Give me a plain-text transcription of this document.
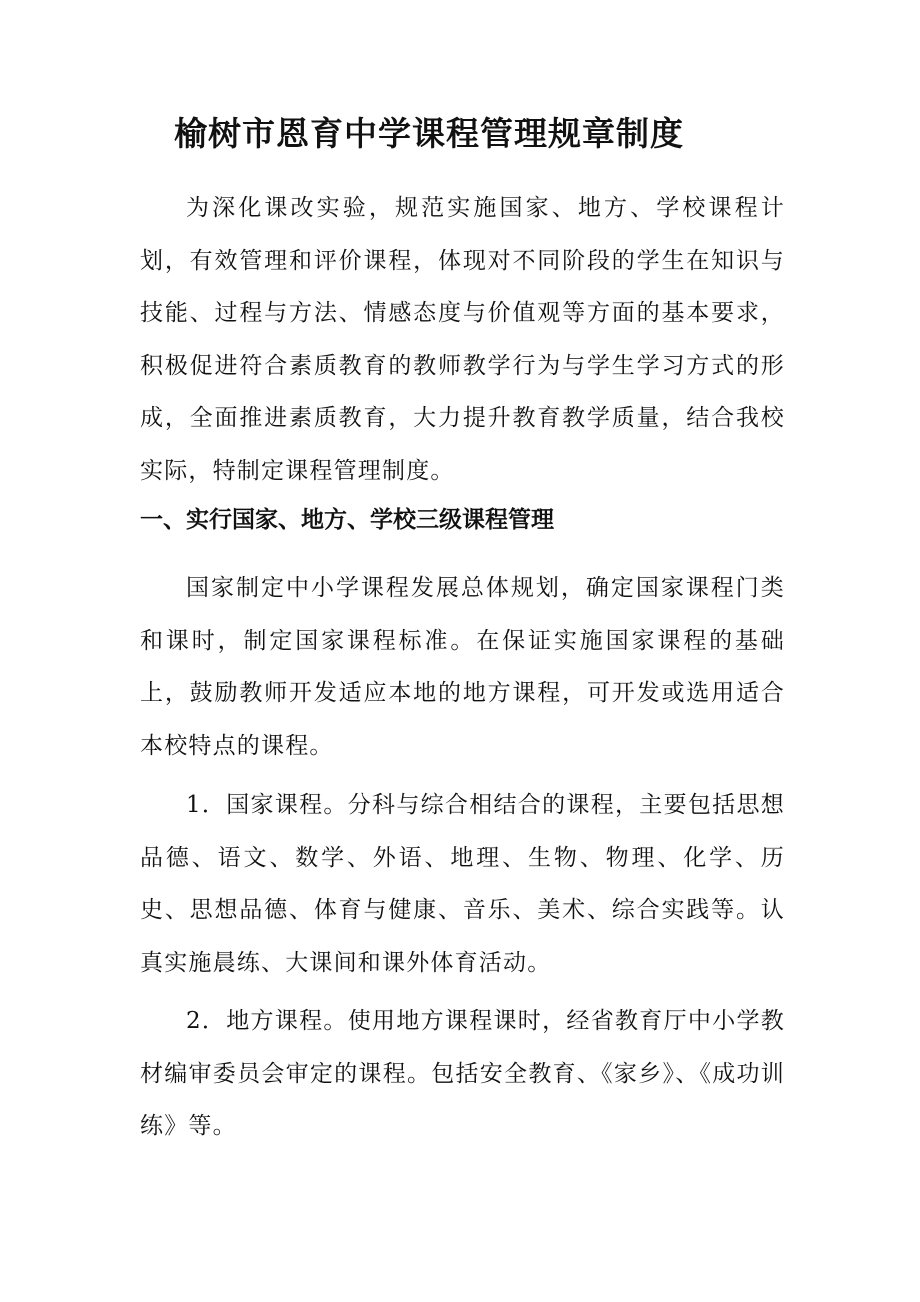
榆树市恩育中学课程管理规章制度

为深化课改实验，规范实施国家、地方、学校课程计划，有效管理和评价课程，体现对不同阶段的学生在知识与技能、过程与方法、情感态度与价值观等方面的基本要求，积极促进符合素质教育的教师教学行为与学生学习方式的形成，全面推进素质教育，大力提升教育教学质量，结合我校实际，特制定课程管理制度。

一、实行国家、地方、学校三级课程管理

国家制定中小学课程发展总体规划，确定国家课程门类和课时，制定国家课程标准。在保证实施国家课程的基础上，鼓励教师开发适应本地的地方课程，可开发或选用适合本校特点的课程。

1．国家课程。分科与综合相结合的课程，主要包括思想品德、语文、数学、外语、地理、生物、物理、化学、历史、思想品德、体育与健康、音乐、美术、综合实践等。认真实施晨练、大课间和课外体育活动。

2．地方课程。使用地方课程课时，经省教育厅中小学教材编审委员会审定的课程。包括安全教育、《家乡》、《成功训练》等。
